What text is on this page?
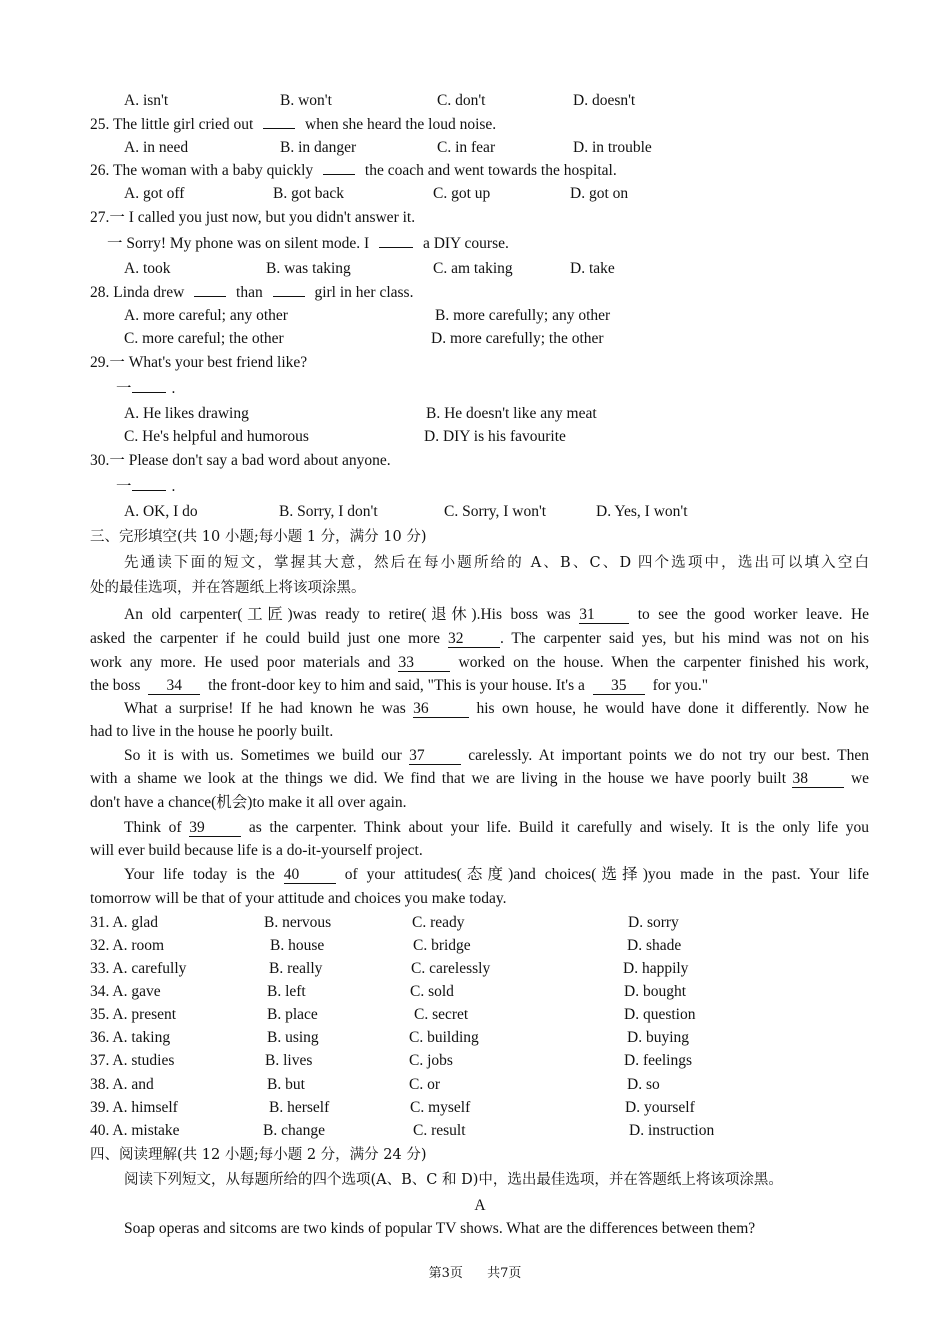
A. isn't	B. won't	C. don't	D. doesn't
25. The little girl cried out	when she heard the loud noise.
A. in need	B. in danger	C. in fear	D. in trouble
26. The woman with a baby quickly	the coach and went towards the hospital.
A. got off	B. got back	C. got up	D. got on
27.一 I called you just now, but you didn't answer it.
一 Sorry! My phone was on silent mode. I	a DIY course.
A. took	B. was taking	C. am taking	D. take
28. Linda drew	than	girl in her class.
A. more careful; any other	B. more carefully; any other
C. more careful; the other	D. more carefully; the other
29.一 What's your best friend like?
一	.
A. He likes drawing	B. He doesn't like any meat
C. He's helpful and humorous	D. DIY is his favourite
30.一 Please don't say a bad word about anyone.
一	.
A. OK, I do	B. Sorry, I don't	C. Sorry, I won't	D. Yes, I won't
三、完形填空(共 10 小题;每小题 1 分，满分 10 分)
先通读下面的短文，掌握其大意，然后在每小题所给的 A、B、C、D 四个选项中，选出可以填入空白
处的最佳选项，并在答题纸上将该项涂黑。
An old carpenter(工匠)was ready to retire(退休).His boss was 31	to see the good worker leave. He
asked the carpenter if he could build just one more 32 . The carpenter said yes, but his mind was not on his
work any more. He used poor materials and 33	worked on the house. When the carpenter finished his work,
the boss 34 the front-door key to him and said, "This is your house. It's a 35 for you."
What a surprise! If he had known he was 36	his own house, he would have done it differently. Now he
had to live in the house he poorly built.
So it is with us. Sometimes we build our 37	carelessly. At important points we do not try our best. Then
with a shame we look at the things we did. We find that we are living in the house we have poorly built 38	we
don't have a chance(机会)to make it all over again.
Think of 39	as the carpenter. Think about your life. Build it carefully and wisely. It is the only life you
will ever build because life is a do-it-yourself project.
Your life today is the 40	of your attitudes(态度)and choices(选择)you made in the past. Your life
tomorrow will be that of your attitude and choices you make today.
31. A. glad	B. nervous	C. ready	D. sorry
32. A. room	B. house	C. bridge	D. shade
33. A. carefully	B. really	C. carelessly	D. happily
34. A. gave	B. left	C. sold	D. bought
35. A. present	B. place	C. secret	D. question
36. A. taking	B. using	C. building	D. buying
37. A. studies	B. lives	C. jobs	D. feelings
38. A. and	B. but	C. or	D. so
39. A. himself	B. herself	C. myself	D. yourself
40. A. mistake	B. change	C. result	D. instruction
四、阅读理解(共 12 小题;每小题 2 分，满分 24 分)
阅读下列短文，从每题所给的四个选项(A、B、C 和 D)中，选出最佳选项，并在答题纸上将该项涂黑。
A
Soap operas and sitcoms are two kinds of popular TV shows. What are the differences between them?
第3页 共7页
